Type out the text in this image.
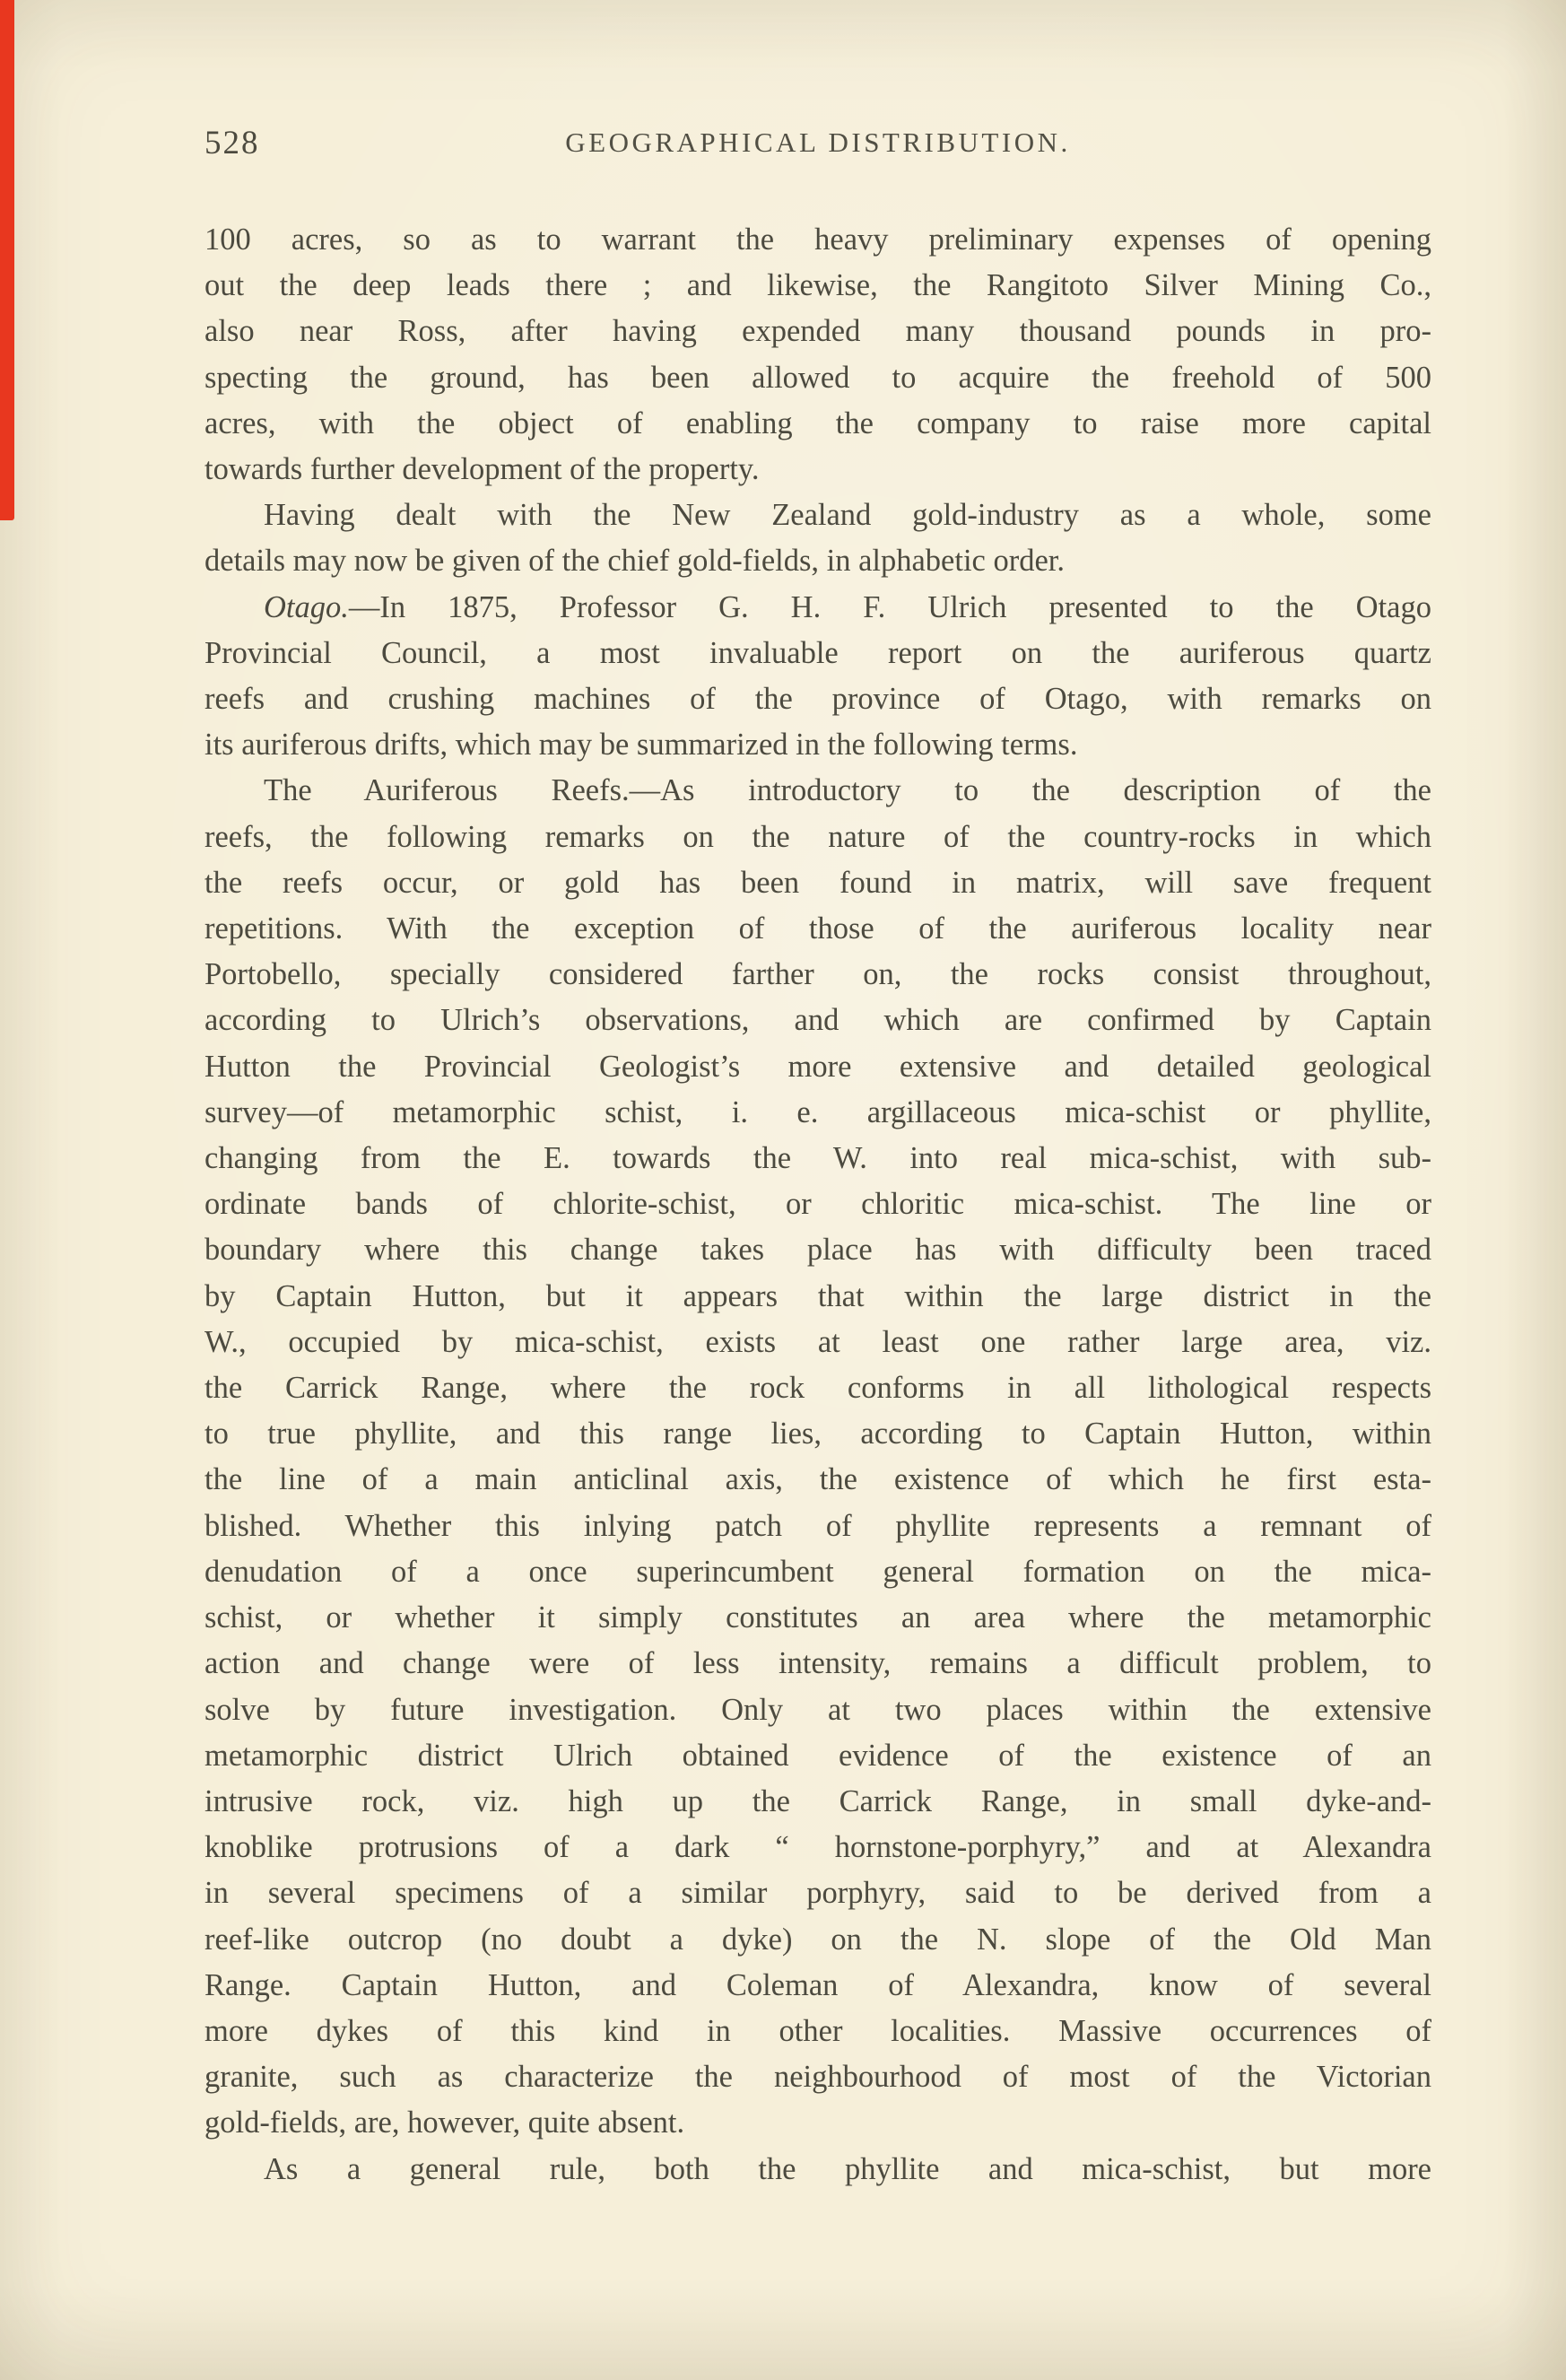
528	GEOGRAPHICAL DISTRIBUTION.
100 acres, so as to warrant the heavy preliminary expenses of opening
out the deep leads there ; and likewise, the Rangitoto Silver Mining Co.,
also near Ross, after having expended many thousand pounds in pro-
specting the ground, has been allowed to acquire the freehold of 500
acres, with the object of enabling the company to raise more capital
towards further development of the property.
Having dealt with the New Zealand gold-industry as a whole, some
details may now be given of the chief gold-fields, in alphabetic order.
Otago.—In 1875, Professor G. H. F. Ulrich presented to the Otago
Provincial Council, a most invaluable report on the auriferous quartz
reefs and crushing machines of the province of Otago, with remarks on
its auriferous drifts, which may be summarized in the following terms.
The Auriferous Reefs.—As introductory to the description of the
reefs, the following remarks on the nature of the country-rocks in which
the reefs occur, or gold has been found in matrix, will save frequent
repetitions. With the exception of those of the auriferous locality near
Portobello, specially considered farther on, the rocks consist throughout,
according to Ulrich’s observations, and which are confirmed by Captain
Hutton the Provincial Geologist’s more extensive and detailed geological
survey—of metamorphic schist, i. e. argillaceous mica-schist or phyllite,
changing from the E. towards the W. into real mica-schist, with sub-
ordinate bands of chlorite-schist, or chloritic mica-schist. The line or
boundary where this change takes place has with difficulty been traced
by Captain Hutton, but it appears that within the large district in the
W., occupied by mica-schist, exists at least one rather large area, viz.
the Carrick Range, where the rock conforms in all lithological respects
to true phyllite, and this range lies, according to Captain Hutton, within
the line of a main anticlinal axis, the existence of which he first esta-
blished. Whether this inlying patch of phyllite represents a remnant of
denudation of a once superincumbent general formation on the mica-
schist, or whether it simply constitutes an area where the metamorphic
action and change were of less intensity, remains a difficult problem, to
solve by future investigation. Only at two places within the extensive
metamorphic district Ulrich obtained evidence of the existence of an
intrusive rock, viz. high up the Carrick Range, in small dyke-and-
knoblike protrusions of a dark “ hornstone-porphyry,” and at Alexandra
in several specimens of a similar porphyry, said to be derived from a
reef-like outcrop (no doubt a dyke) on the N. slope of the Old Man
Range. Captain Hutton, and Coleman of Alexandra, know of several
more dykes of this kind in other localities. Massive occurrences of
granite, such as characterize the neighbourhood of most of the Victorian
gold-fields, are, however, quite absent.
As a general rule, both the phyllite and mica-schist, but more
